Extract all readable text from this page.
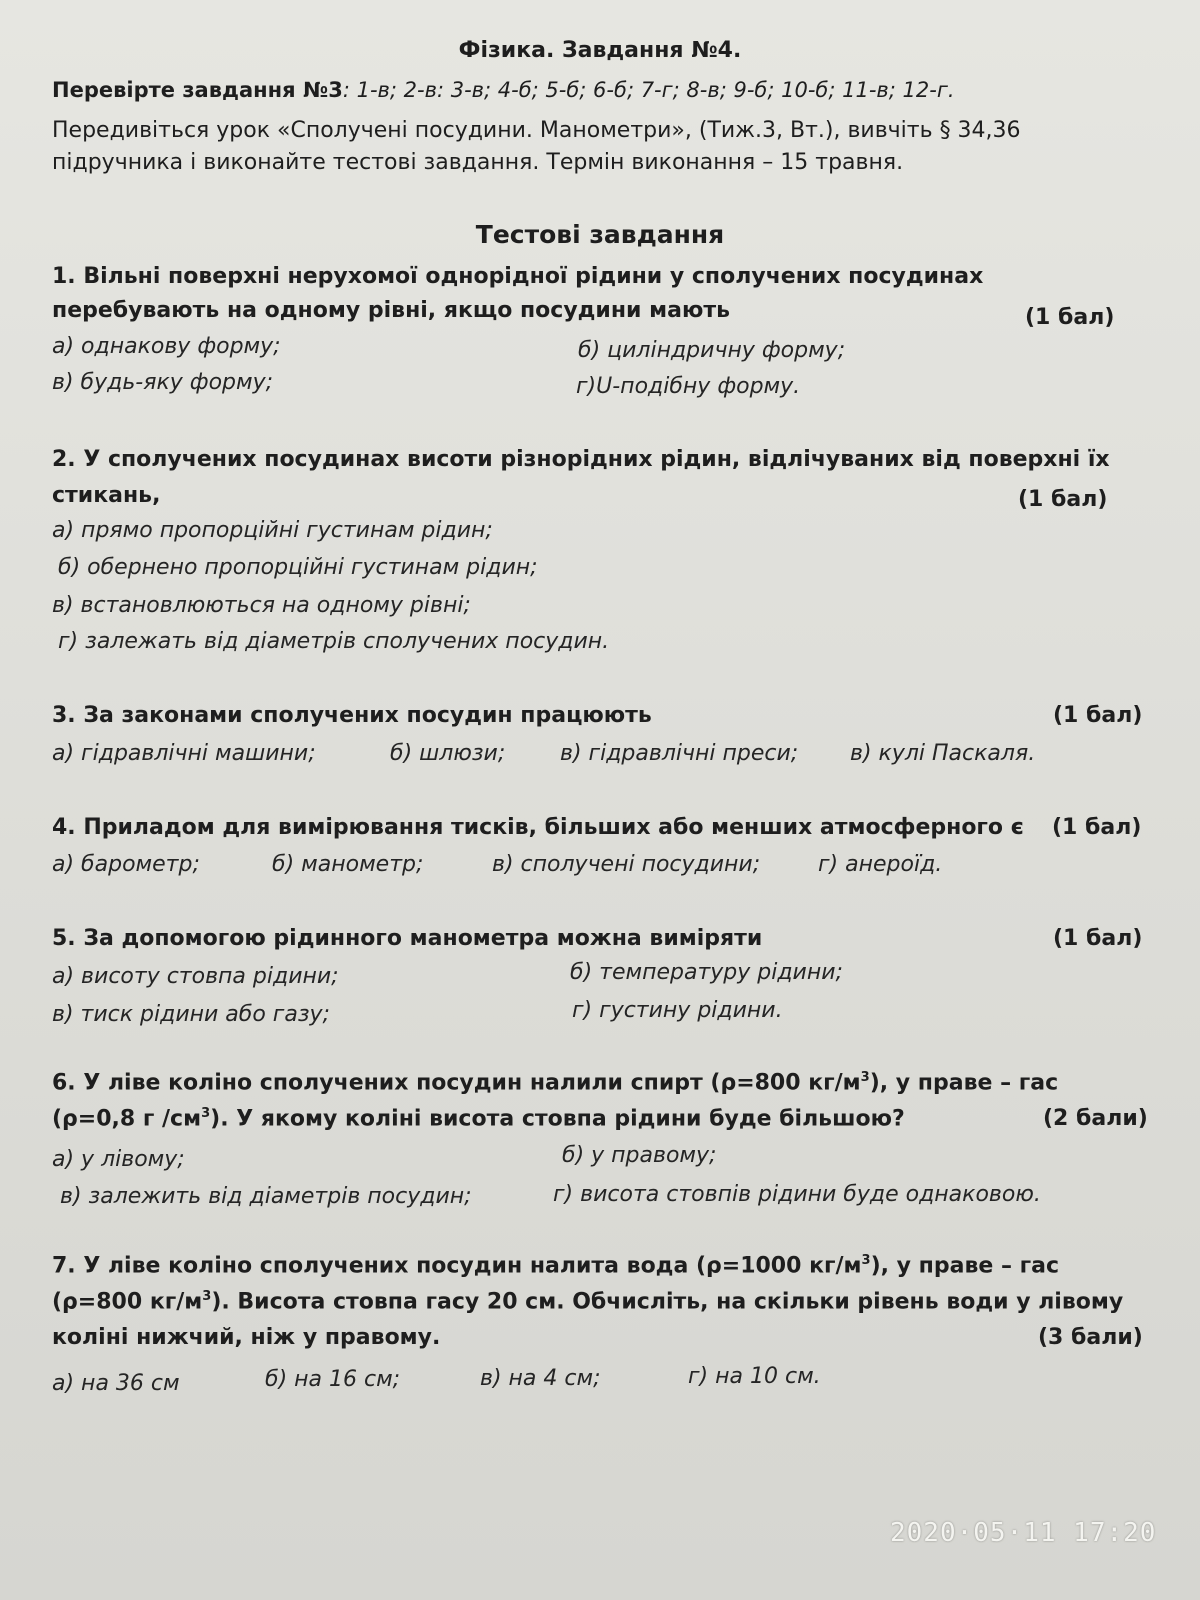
Фізика. Завдання №4.
Перевірте завдання №3: 1-в; 2-в: 3-в; 4-б; 5-б; 6-б; 7-г; 8-в; 9-б; 10-б; 11-в; 12-г.
Передивіться урок «Сполучені посудини. Манометри», (Тиж.3, Вт.), вивчіть § 34,36
підручника і виконайте тестові завдання. Термін виконання – 15 травня.
Тестові завдання
1. Вільні поверхні нерухомої однорідної рідини у сполучених посудинах
перебувають на одному рівні, якщо посудини мають	(1 бал)
а) однакову форму;	б) циліндричну форму;
в) будь-яку форму;	г)U-подібну форму.
2. У сполучених посудинах висоти різнорідних рідин, відлічуваних від поверхні їх
стикань,	(1 бал)
а) прямо пропорційні густинам рідин;
б) обернено пропорційні густинам рідин;
в) встановлюються на одному рівні;
г) залежать від діаметрів сполучених посудин.
3. За законами сполучених посудин працюють	(1 бал)
а) гідравлічні машини;	б) шлюзи; в) гідравлічні преси; в) кулі Паскаля.
4. Приладом для вимірювання тисків, більших або менших атмосферного є	(1 бал)
а) барометр;	б) манометр;	в) сполучені посудини;	г) анероїд.
5. За допомогою рідинного манометра можна виміряти	(1 бал)
а) висоту стовпа рідини;	б) температуру рідини;
в) тиск рідини або газу;	г) густину рідини.
6. У ліве коліно сполучених посудин налили спирт (ρ=800 $кг/м^3$), у праве – гас
(ρ=0,8 г $/см^3$). У якому коліні висота стовпа рідини буде більшою?	(2 бали)
а) у лівому;	б) у правому;
в) залежить від діаметрів посудин;	г) висота стовпів рідини буде однаковою.
7. У ліве коліно сполучених посудин налита вода (ρ=1000 $кг/м^3$), у праве – гас
(ρ=800 $кг/м^3$). Висота стовпа гасу 20 см. Обчисліть, на скільки рівень води у лівому
коліні нижчий, ніж у правому.	(3 бали)
а) на 36 см	б) на 16 см;	в) на 4 см;	г) на 10 см.
2020·05·11 17:20
